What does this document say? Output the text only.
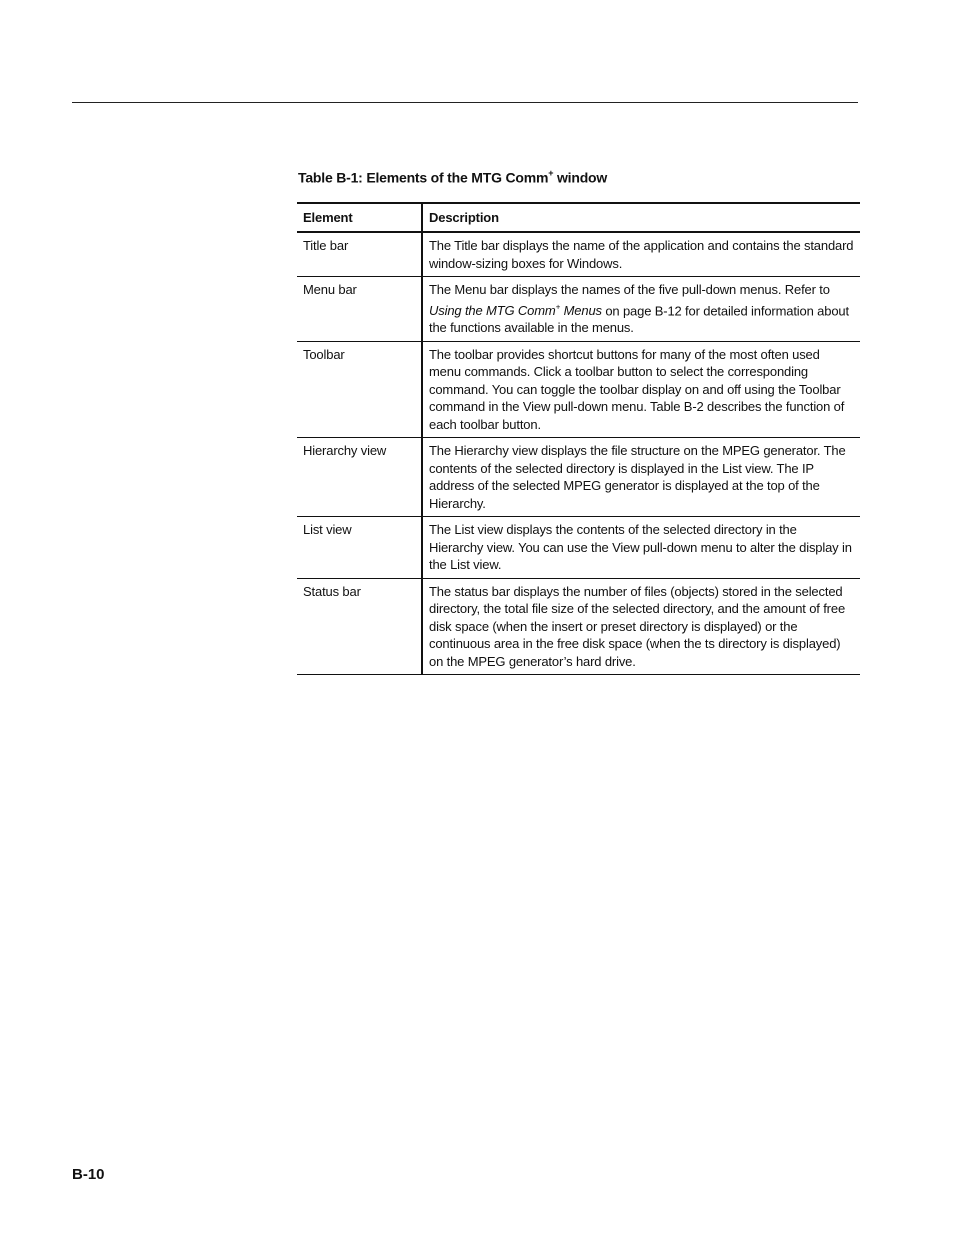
Table B-1: Elements of the MTG Comm+ window
Element	Description
Title bar	The Title bar displays the name of the application and contains the standard window-sizing boxes for Windows.
Menu bar	The Menu bar displays the names of the five pull-down menus. Refer to Using the MTG Comm+ Menus on page B-12 for detailed information about the functions available in the menus.
Toolbar	The toolbar provides shortcut buttons for many of the most often used menu commands. Click a toolbar button to select the corresponding command. You can toggle the toolbar display on and off using the Toolbar command in the View pull-down menu. Table B-2 describes the function of each toolbar button.
Hierarchy view	The Hierarchy view displays the file structure on the MPEG generator. The contents of the selected directory is displayed in the List view. The IP address of the selected MPEG generator is displayed at the top of the Hierarchy.
List view	The List view displays the contents of the selected directory in the Hierarchy view. You can use the View pull-down menu to alter the display in the List view.
Status bar	The status bar displays the number of files (objects) stored in the selected directory, the total file size of the selected directory, and the amount of free disk space (when the insert or preset directory is displayed) or the continuous area in the free disk space (when the ts directory is displayed) on the MPEG generator’s hard drive.
B-10
